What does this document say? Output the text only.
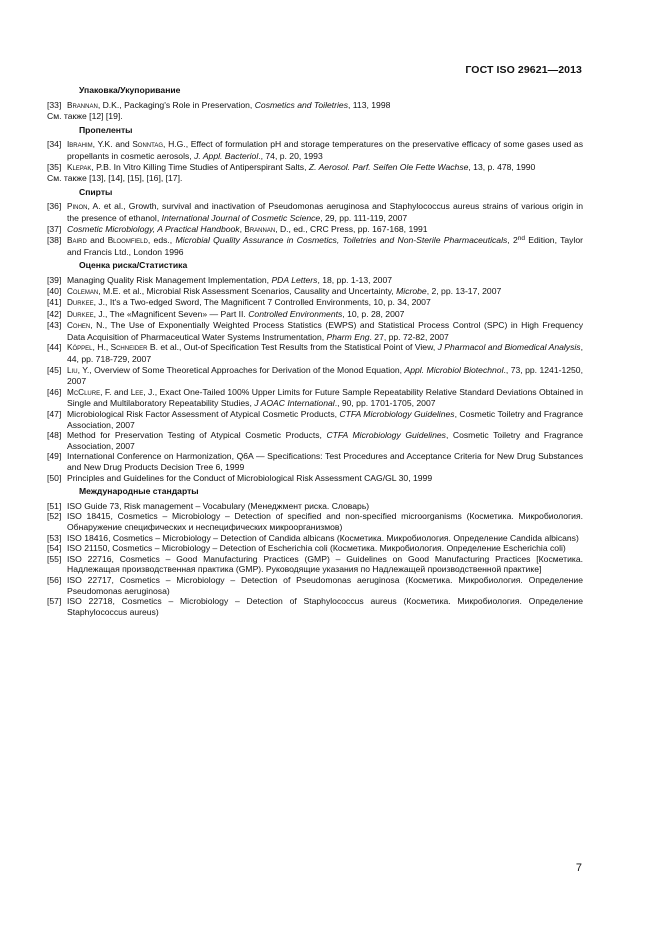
ГОСТ ISO 29621—2013
Упаковка/Укупоривание
[33] Brannan, D.K., Packaging's Role in Preservation, Cosmetics and Toiletries, 113, 1998
См. также [12] [19].
Пропеленты
[34] Ibrahim, Y.K. and Sonntag, H.G., Effect of formulation pH and storage temperatures on the preservative efficacy of some gases used as propellants in cosmetic aerosols, J. Appl. Bacteriol., 74, p. 20, 1993
[35] Klepak, P.B. In Vitro Killing Time Studies of Antiperspirant Salts, Z. Aerosol. Parf. Seifen Ole Fette Wachse, 13, p. 478, 1990
См. также [13], [14], [15], [16], [17].
Спирты
[36] Pinon, A. et al., Growth, survival and inactivation of Pseudomonas aeruginosa and Staphylococcus aureus strains of various origin in the presence of ethanol, International Journal of Cosmetic Science, 29, pp. 111-119, 2007
[37] Cosmetic Microbiology, A Practical Handbook, Brannan, D., ed., CRC Press, pp. 167-168, 1991
[38] Baird and Bloomfield, eds., Microbial Quality Assurance in Cosmetics, Toiletries and Non-Sterile Pharmaceuticals, 2nd Edition, Taylor and Francis Ltd., London 1996
Оценка риска/Статистика
[39] Managing Quality Risk Management Implementation, PDA Letters, 18, pp. 1-13, 2007
[40] Coleman, M.E. et al., Microbial Risk Assessment Scenarios, Causality and Uncertainty, Microbe, 2, pp. 13-17, 2007
[41] Durkee, J., It's a Two-edged Sword, The Magnificent 7 Controlled Environments, 10, p. 34, 2007
[42] Durkee, J., The «Magnificent Seven» — Part II. Controlled Environments, 10, p. 28, 2007
[43] Cohen, N., The Use of Exponentially Weighted Process Statistics (EWPS) and Statistical Process Control (SPC) in High Frequency Data Acquisition of Pharmaceutical Water Systems Instrumentation, Pharm Eng. 27, pp. 72-82, 2007
[44] Köppel, H., Schneider B. et al., Out-of Specification Test Results from the Statistical Point of View, J Pharmacol and Biomedical Analysis, 44, pp. 718-729, 2007
[45] Liu, Y., Overview of Some Theoretical Approaches for Derivation of the Monod Equation, Appl. Microbiol Biotechnol., 73, pp. 1241-1250, 2007
[46] McClure, F. and Lee, J., Exact One-Tailed 100% Upper Limits for Future Sample Repeatability Relative Standard Deviations Obtained in Single and Multilaboratory Repeatability Studies, J AOAC International., 90, pp. 1701-1705, 2007
[47] Microbiological Risk Factor Assessment of Atypical Cosmetic Products, CTFA Microbiology Guidelines, Cosmetic Toiletry and Fragrance Association, 2007
[48] Method for Preservation Testing of Atypical Cosmetic Products, CTFA Microbiology Guidelines, Cosmetic Toiletry and Fragrance Association, 2007
[49] International Conference on Harmonization, Q6A — Specifications: Test Procedures and Acceptance Criteria for New Drug Substances and New Drug Products Decision Tree 6, 1999
[50] Principles and Guidelines for the Conduct of Microbiological Risk Assessment CAG/GL 30, 1999
Международные стандарты
[51] ISO Guide 73, Risk management – Vocabulary (Менеджмент риска. Словарь)
[52] ISO 18415, Cosmetics – Microbiology – Detection of specified and non-specified microorganisms (Косметика. Микробиология. Обнаружение специфических и неспецифических микроорганизмов)
[53] ISO 18416, Cosmetics – Microbiology – Detection of Candida albicans (Косметика. Микробиология. Определение Candida albicans)
[54] ISO 21150, Cosmetics – Microbiology – Detection of Escherichia coli (Косметика. Микробиология. Определение Escherichia coli)
[55] ISO 22716, Cosmetics – Good Manufacturing Practices (GMP) – Guidelines on Good Manufacturing Practices [Косметика. Надлежащая производственная практика (GMP). Руководящие указания по Надлежащей производственной практике]
[56] ISO 22717, Cosmetics – Microbiology – Detection of Pseudomonas aeruginosa (Косметика. Микробиология. Определение Pseudomonas aeruginosa)
[57] ISO 22718, Cosmetics – Microbiology – Detection of Staphylococcus aureus (Косметика. Микробиология. Определение Staphylococcus aureus)
7
